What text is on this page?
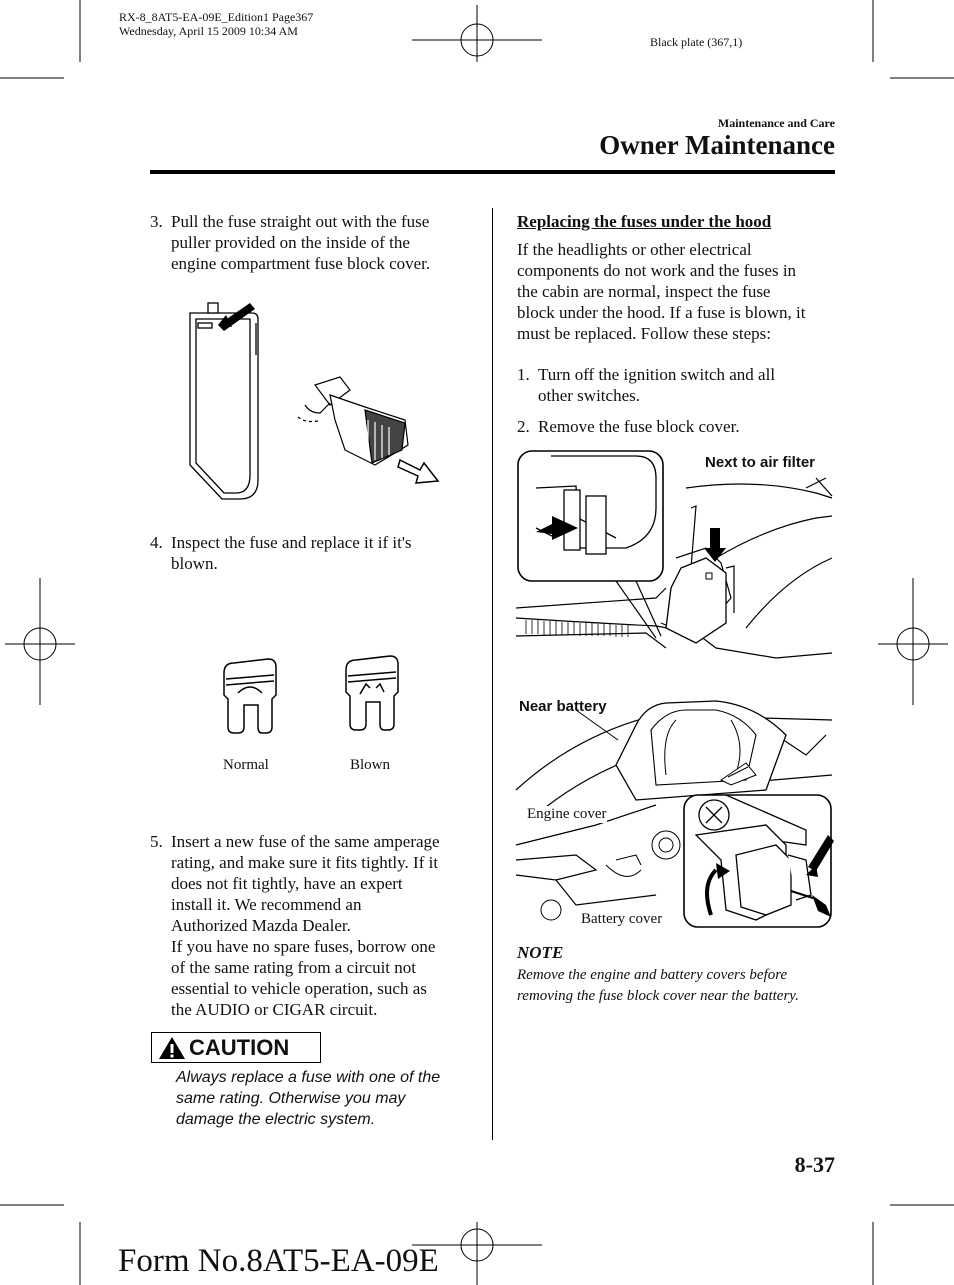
RX-8_8AT5-EA-09E_Edition1 Page367
Wednesday, April 15 2009 10:34 AM
Black plate (367,1)
Maintenance and Care
Owner Maintenance
3. Pull the fuse straight out with the fuse
puller provided on the inside of the
engine compartment fuse block cover.
4. Inspect the fuse and replace it if it's
blown.
Normal	Blown
5. Insert a new fuse of the same amperage
rating, and make sure it fits tightly. If it
does not fit tightly, have an expert
install it. We recommend an
Authorized Mazda Dealer.
If you have no spare fuses, borrow one
of the same rating from a circuit not
essential to vehicle operation, such as
the AUDIO or CIGAR circuit.
CAUTION
Always replace a fuse with one of the
same rating. Otherwise you may
damage the electric system.
Replacing the fuses under the hood
If the headlights or other electrical
components do not work and the fuses in
the cabin are normal, inspect the fuse
block under the hood. If a fuse is blown, it
must be replaced. Follow these steps:
1. Turn off the ignition switch and all
other switches.
2. Remove the fuse block cover.
Next to air filter
Near battery
Engine cover
Battery cover
NOTE
Remove the engine and battery covers before
removing the fuse block cover near the battery.
8-37
Form No.8AT5-EA-09E
